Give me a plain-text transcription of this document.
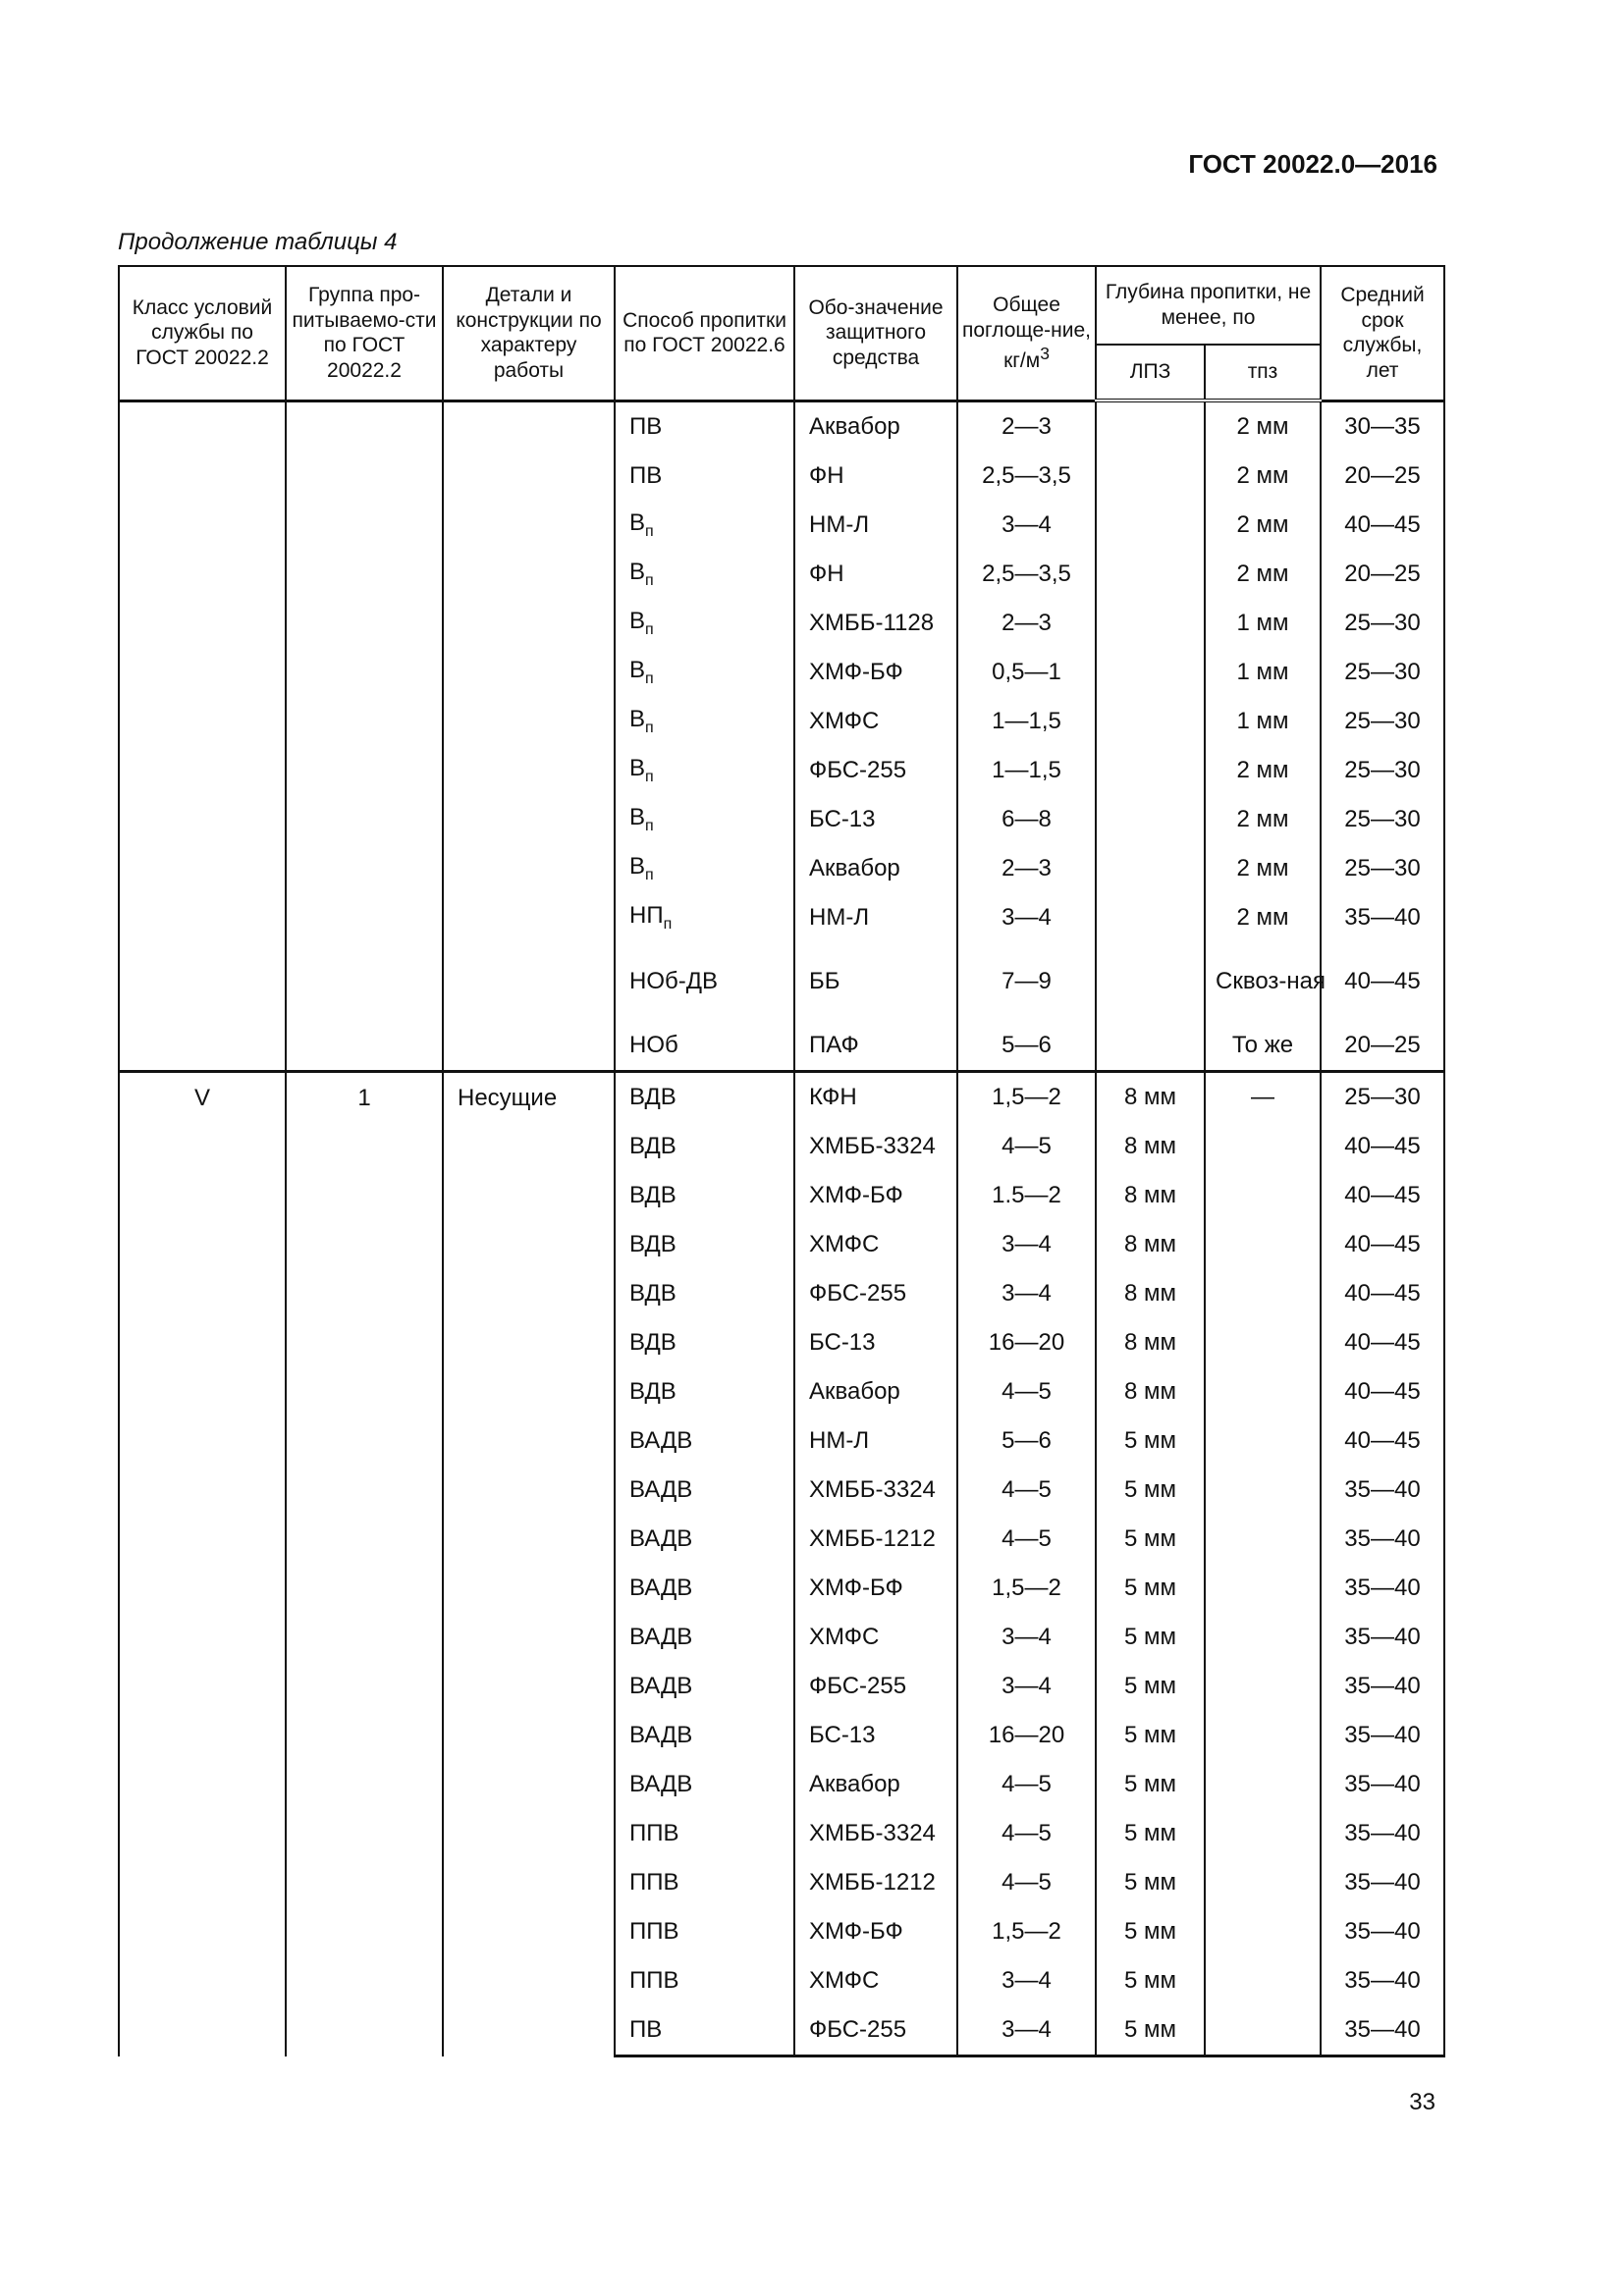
ГОСТ 20022.0—2016
Продолжение таблицы 4
Класс условий службы по ГОСТ 20022.2	Группа про-питываемо-сти по ГОСТ 20022.2	Детали и конструкции по характеру работы	Способ пропитки по ГОСТ 20022.6	Обо-значение защитного средства	Общее поглоще-ние, $кг/м^3$	Глубина пропитки, не менее, по		Средний срок службы, лет
						ЛПЗ	тпз	
			ПВ	Аквабор	2—3		2 мм	30—35
			ПВ	ФН	2,5—3,5		2 мм	20—25
			$В_п$	НМ-Л	3—4		2 мм	40—45
			$В_п$	ФН	2,5—3,5		2 мм	20—25
			$В_п$	ХМББ-1128	2—3		1 мм	25—30
			$В_п$	ХМФ-БФ	0,5—1		1 мм	25—30
			$В_п$	ХМФС	1—1,5		1 мм	25—30
			$В_п$	ФБС-255	1—1,5		2 мм	25—30
			$В_п$	БС-13	6—8		2 мм	25—30
			$В_п$	Аквабор	2—3		2 мм	25—30
			$НП_п$	НМ-Л	3—4		2 мм	35—40
			НОб-ДВ	ББ	7—9		Сквоз-ная	40—45
			НОб	ПАФ	5—6		То же	20—25
V	1	Несущие	ВДВ	КФН	1,5—2	8 мм	—	25—30
			ВДВ	ХМББ-3324	4—5	8 мм		40—45
			ВДВ	ХМФ-БФ	1.5—2	8 мм		40—45
			ВДВ	ХМФС	3—4	8 мм		40—45
			ВДВ	ФБС-255	3—4	8 мм		40—45
			ВДВ	БС-13	16—20	8 мм		40—45
			ВДВ	Аквабор	4—5	8 мм		40—45
			ВАДВ	НМ-Л	5—6	5 мм		40—45
			ВАДВ	ХМББ-3324	4—5	5 мм		35—40
			ВАДВ	ХМББ-1212	4—5	5 мм		35—40
			ВАДВ	ХМФ-БФ	1,5—2	5 мм		35—40
			ВАДВ	ХМФС	3—4	5 мм		35—40
			ВАДВ	ФБС-255	3—4	5 мм		35—40
			ВАДВ	БС-13	16—20	5 мм		35—40
			ВАДВ	Аквабор	4—5	5 мм		35—40
			ППВ	ХМББ-3324	4—5	5 мм		35—40
			ППВ	ХМББ-1212	4—5	5 мм		35—40
			ППВ	ХМФ-БФ	1,5—2	5 мм		35—40
			ППВ	ХМФС	3—4	5 мм		35—40
			ПВ	ФБС-255	3—4	5 мм		35—40
33
